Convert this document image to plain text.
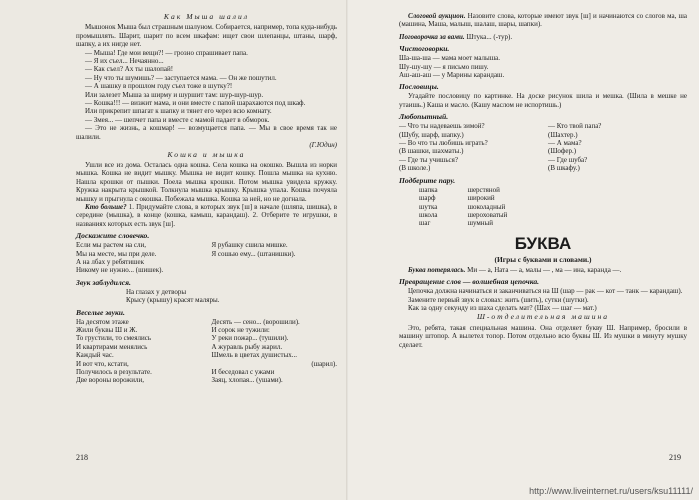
Как Мыша шалил

Мышонок Мыша был страшным шалуном. Собирается, например, топа куда-нибудь промышлять. Шарит, шарит по всем шкафам: ищет свои шлепанцы, штаны, шарф, шапку, а их нигде нет.

— Мыша! Где мои вещи?! — грозно спрашивает папа.

— Я их съел... Нечаянно...

— Как съел? Ах ты шалопай!

— Ну что ты шумишь? — заступается мама. — Он же пошутил.

— А шашку в прошлом году съел тоже в шутку?!

Или залезет Мыша за ширму и шуршит там: шур-шур-шур.

— Кошка!!! — визжит мама, и они вместе с папой шарахаются под шкаф.

Или прикрепит шпагат к шапку и тянет его через всю комнату.

— Змея... — шепчет папа и вместе с мамой падает в обморок.

— Это не жизнь, а кошмар! — возмущается папа. — Мы в свое время так не шалили.

(Г.Юдин)

Кошка и мышка

Ушли все из дома. Осталась одна кошка. Села кошка на окошко. Вышла из норки мышка. Кошка не видит мышку. Мышка не видит кошку. Пошла мышка на кухню. Нашла крошки от пышки. Поела мышка крошки. Потом мышка увидела кружку. Кружка накрыта крышкой. Толкнула мышка крышку. Крышка упала. Кошка почуяла мышку и прыгнула с окошка. Побежала мышка. Кошка за ней, но не догнала.

Кто больше? 1. Придумайте слова, в которых звук [ш] в начале (шляпа, шишка), в середине (мышка), в конце (кошка, камыш, карандаш). 2. Отберите те игрушки, в названиях которых есть звук [ш].

Доскажите словечко.
Если мы растем на сли,
Мы на месте, мы при деле.
А на лбах у ребятишек
Никому не нужно... (шишек).
Я рубашку сшила мишке.
Я сошью ему... (штанишки).
Звук заблудился.
На глазах у детворы
Крысу (крышу) красят маляры.
Веселые звуки.
На десятом этаже
Жили буквы Ш и Ж.
То грустили, то смеялись
И квартирами менялись
Каждый час.
И вот что, кстати,
Получилось в результате.
Две вороны ворожили,
Десять — сено... (ворошили).
И сорок не тужили:
У реки пожар... (тушили).
А журавль рыбу жарил.
Шмель в цветах душистых...
(шарил).
И беседовал с ужами
Заяц, хлопая... (ушами).
218

Слоговой аукцион. Назовите слова, которые имеют звук [ш] и начинаются со слогов ма, ша (машина, Маша, малыш, шалаш, шары, шапки).

Поговорочка за вами. Штука... (-тур).

Чистоговорки.
Ша-ша-ша — мама моет малыша.
Шу-шу-шу — я письмо пишу.
Аш-аш-аш — у Марины карандаш.
Пословицы.

Угадайте пословицу по картинке. На доске рисунок шила и мешка. (Шила в мешке не утаишь.) Каша и масло. (Кашу маслом не испортишь.)

Любопытный.
— Что ты надеваешь зимой?
(Шубу, шарф, шапку.)
— Во что ты любишь играть?
(В шашки, шахматы.)
— Где ты учишься?
(В школе.)
— Кто твой папа?
(Шахтер.)
— А мама?
(Шофер.)
— Где шуба?
(В шкафу.)
Подберите пару.
шапка
шарф
шутка
школа
шаг
шерстяной
широкий
шоколадный
шероховатый
шумный
БУКВА
(Игры с буквами и словами.)

Буква потерялась. Ми — а, Ната — а, малы — , ма — ина, каранда —.

Превращение слов — волшебная цепочка.

Цепочка должна начинаться и заканчиваться на Ш (шар — рак — кот — танк — карандаш).

Замените первый звук в словах: жить (шить), сутки (шутки).

Как за одну секунду из шаха сделать мат? (Шах — шаг — мат.)

Ш-отделительная машина

Это, ребята, такая специальная машина. Она отделяет букву Ш. Например, бросили в машину штопор. А вылетел топор. Потом отдельно всю буквы Ш. Из мушки в минуту мушку сделает.

219
http://www.liveinternet.ru/users/ksu11111/
